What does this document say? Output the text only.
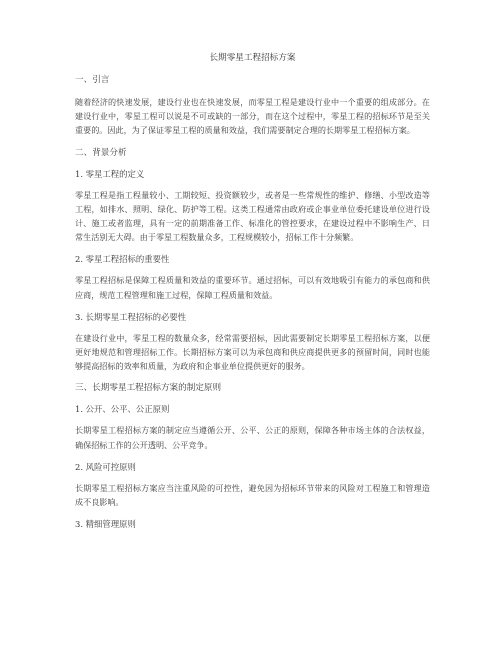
长期零星工程招标方案
一、引言
随着经济的快速发展，建设行业也在快速发展，而零星工程是建设行业中一个重要的组成部分。在建设行业中，零星工程可以说是不可或缺的一部分，而在这个过程中，零星工程的招标环节是至关重要的。因此，为了保证零星工程的质量和效益，我们需要制定合理的长期零星工程招标方案。
二、背景分析
1. 零星工程的定义
零星工程是指工程量较小、工期较短、投资额较少，或者是一些常规性的维护、修缮、小型改造等工程，如排水、照明、绿化、防护等工程。这类工程通常由政府或企事业单位委托建设单位进行设计、施工或者监理，具有一定的前期准备工作、标准化的管控要求，在建设过程中不影响生产、日常生活别无大碍。由于零星工程数量众多，工程规模较小，招标工作十分频繁。
2. 零星工程招标的重要性
零星工程招标是保障工程质量和效益的重要环节。通过招标，可以有效地吸引有能力的承包商和供应商，规范工程管理和施工过程，保障工程质量和效益。
3. 长期零星工程招标的必要性
在建设行业中，零星工程的数量众多，经常需要招标，因此需要制定长期零星工程招标方案，以便更好地规范和管理招标工作。长期招标方案可以为承包商和供应商提供更多的预留时间，同时也能够提高招标的效率和质量，为政府和企事业单位提供更好的服务。
三、长期零星工程招标方案的制定原则
1. 公开、公平、公正原则
长期零星工程招标方案的制定应当遵循公开、公平、公正的原则，保障各种市场主体的合法权益，确保招标工作的公开透明、公平竞争。
2. 风险可控原则
长期零星工程招标方案应当注重风险的可控性，避免因为招标环节带来的风险对工程施工和管理造成不良影响。
3. 精细管理原则
